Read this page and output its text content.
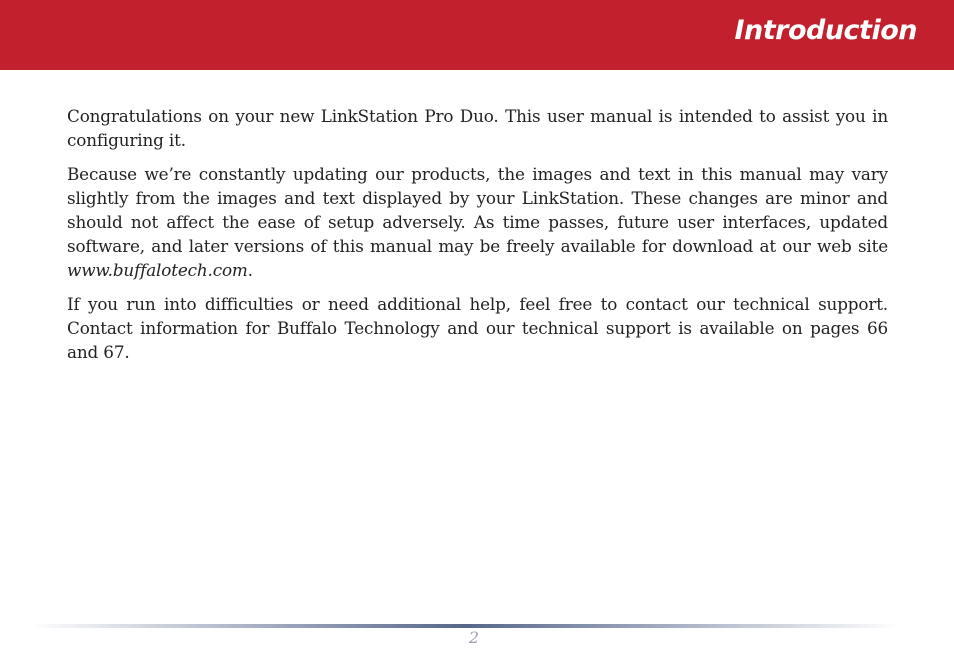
Introduction

Congratulations on your new LinkStation Pro Duo. This user manual is intended to assist you in configuring it.

Because we’re constantly updating our products, the images and text in this manual may vary slightly from the images and text displayed by your LinkStation. These changes are minor and should not affect the ease of setup adversely. As time passes, future user interfaces, updated software, and later versions of this manual may be freely available for download at our web site www.buffalotech.com.

If you run into difficulties or need additional help, feel free to contact our technical support. Contact information for Buffalo Technology and our technical support is available on pages 66 and 67.

2
